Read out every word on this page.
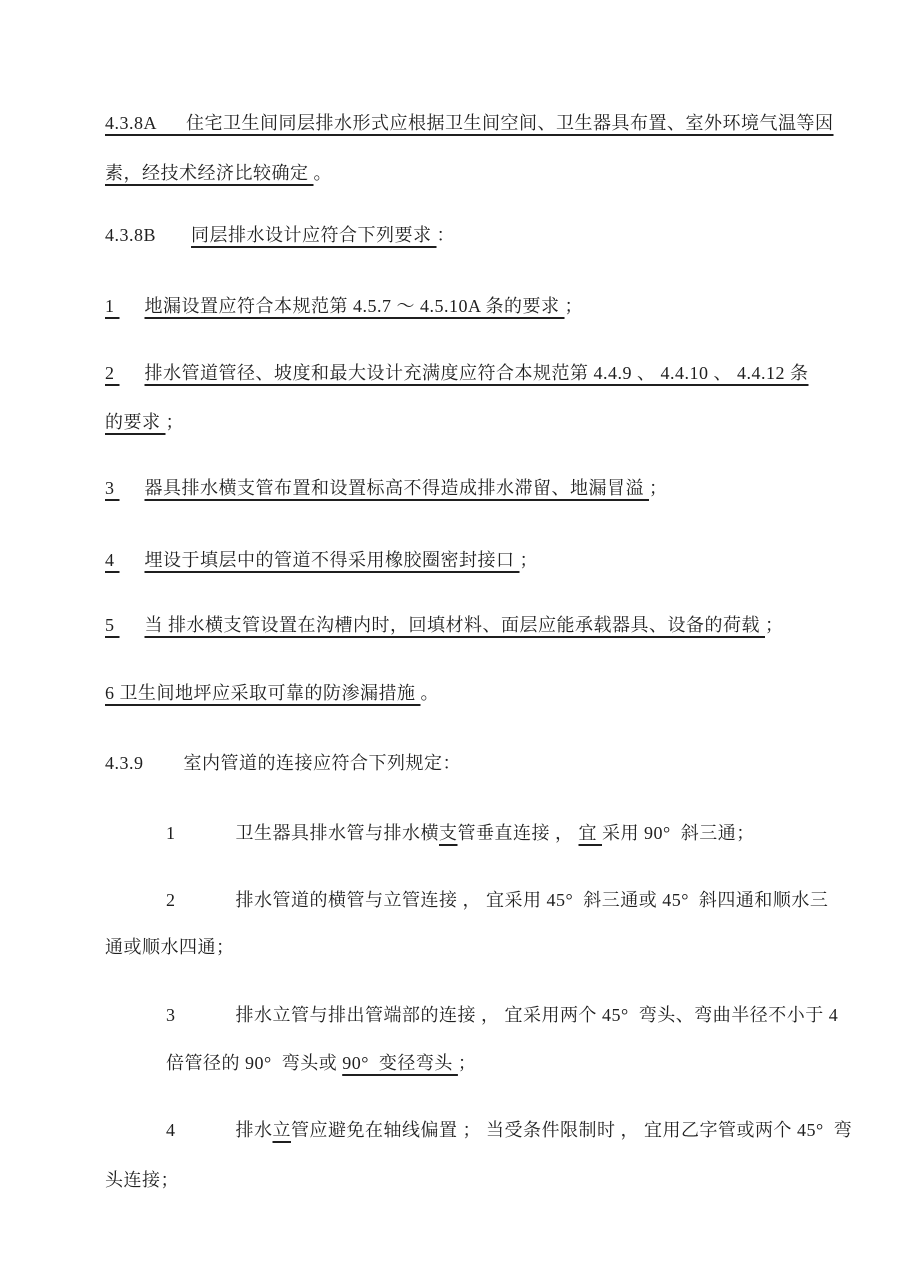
4.3.8A      住宅卫生间同层排水形式应根据卫生间空间、卫生器具布置、室外环境气温等因

素，经技术经济比较确定 。

4.3.8B       同层排水设计应符合下列要求 ：

1      地漏设置应符合本规范第 4.5.7 ～ 4.5.10A 条的要求 ；

2      排水管道管径、坡度和最大设计充满度应符合本规范第 4.4.9 、 4.4.10 、 4.4.12 条

的要求 ；

3      器具排水横支管布置和设置标高不得造成排水滞留、地漏冒溢 ；

4      埋设于填层中的管道不得采用橡胶圈密封接口 ；

5      当 排水横支管设置在沟槽内时，回填材料、面层应能承载器具、设备的荷载 ；

6 卫生间地坪应采取可靠的防渗漏措施 。

4.3.9        室内管道的连接应符合下列规定：

1            卫生器具排水管与排水横支管垂直连接 ， 宜 采用 90°  斜三通；

2            排水管道的横管与立管连接 ， 宜采用 45°  斜三通或 45°  斜四通和顺水三

通或顺水四通；

3            排水立管与排出管端部的连接 ， 宜采用两个 45°  弯头、弯曲半径不小于 4

倍管径的 90°  弯头或 90°  变径弯头 ；

4            排水立管应避免在轴线偏置 ； 当受条件限制时 ， 宜用乙字管或两个 45°  弯

头连接；
